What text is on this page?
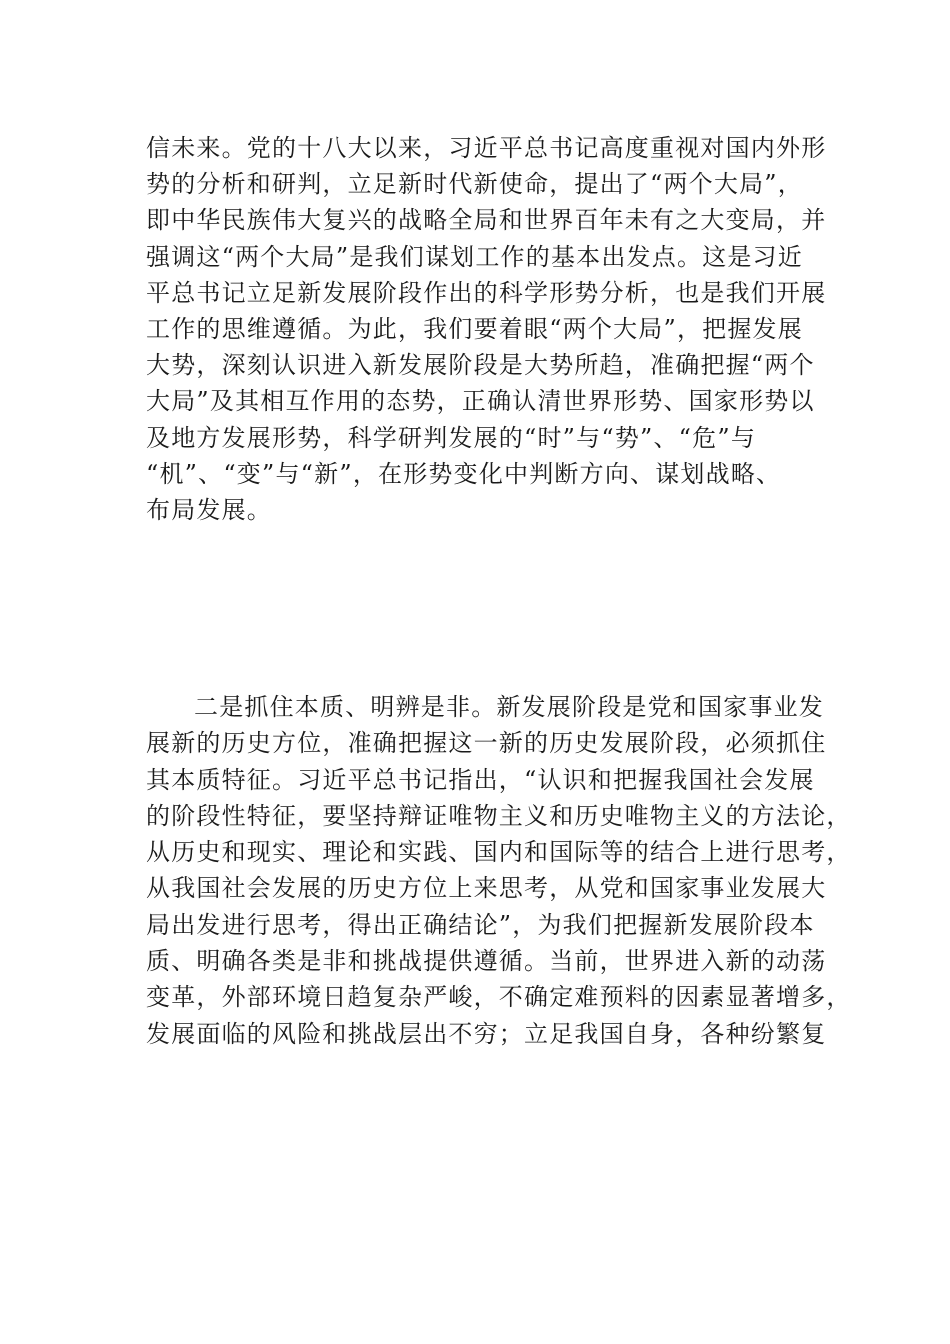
信未来。党的十八大以来，习近平总书记高度重视对国内外形
势的分析和研判，立足新时代新使命，提出了“两个大局”，
即中华民族伟大复兴的战略全局和世界百年未有之大变局，并
强调这“两个大局”是我们谋划工作的基本出发点。这是习近
平总书记立足新发展阶段作出的科学形势分析，也是我们开展
工作的思维遵循。为此，我们要着眼“两个大局”，把握发展
大势，深刻认识进入新发展阶段是大势所趋，准确把握“两个
大局”及其相互作用的态势，正确认清世界形势、国家形势以
及地方发展形势，科学研判发展的“时”与“势”、“危”与
“机”、“变”与“新”，在形势变化中判断方向、谋划战略、
布局发展。
二是抓住本质、明辨是非。新发展阶段是党和国家事业发
展新的历史方位，准确把握这一新的历史发展阶段，必须抓住
其本质特征。习近平总书记指出，“认识和把握我国社会发展
的阶段性特征，要坚持辩证唯物主义和历史唯物主义的方法论，
从历史和现实、理论和实践、国内和国际等的结合上进行思考，
从我国社会发展的历史方位上来思考，从党和国家事业发展大
局出发进行思考，得出正确结论”，为我们把握新发展阶段本
质、明确各类是非和挑战提供遵循。当前，世界进入新的动荡
变革，外部环境日趋复杂严峻，不确定难预料的因素显著增多，
发展面临的风险和挑战层出不穷；立足我国自身，各种纷繁复
